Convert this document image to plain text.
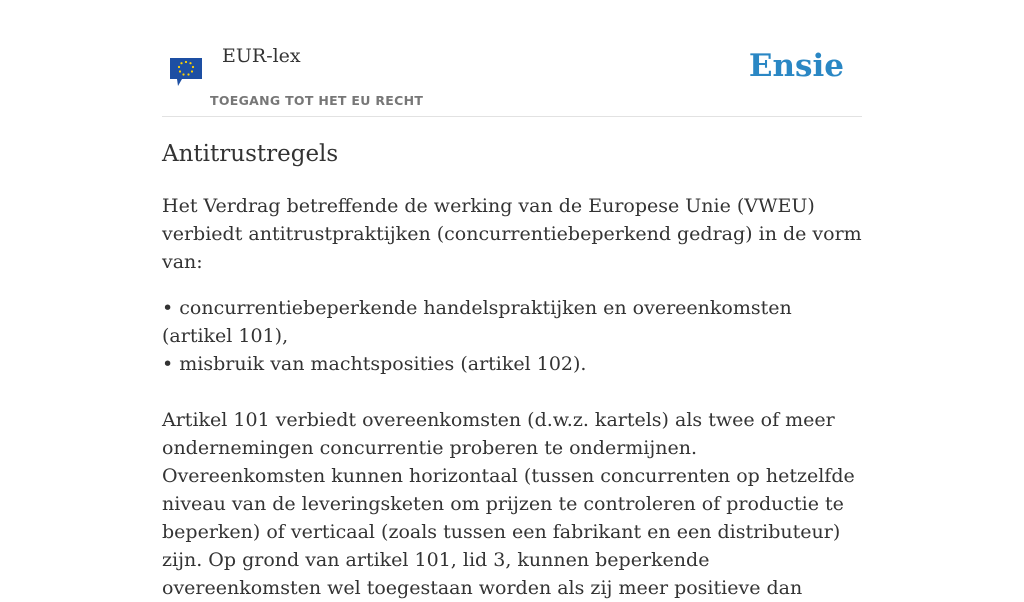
EUR-lex
TOEGANG TOT HET EU RECHT
Ensie
Antitrustregels

Het Verdrag betreffende de werking van de Europese Unie (VWEU) verbiedt antitrustpraktijken (concurrentiebeperkend gedrag) in de vorm van:

• concurrentiebeperkende handelspraktijken en overeenkomsten (artikel 101),
• misbruik van machtsposities (artikel 102).

Artikel 101 verbiedt overeenkomsten (d.w.z. kartels) als twee of meer ondernemingen concurrentie proberen te ondermijnen. Overeenkomsten kunnen horizontaal (tussen concurrenten op hetzelfde niveau van de leveringsketen om prijzen te controleren of productie te beperken) of verticaal (zoals tussen een fabrikant en een distributeur) zijn. Op grond van artikel 101, lid 3, kunnen beperkende overeenkomsten wel toegestaan worden als zij meer positieve dan
